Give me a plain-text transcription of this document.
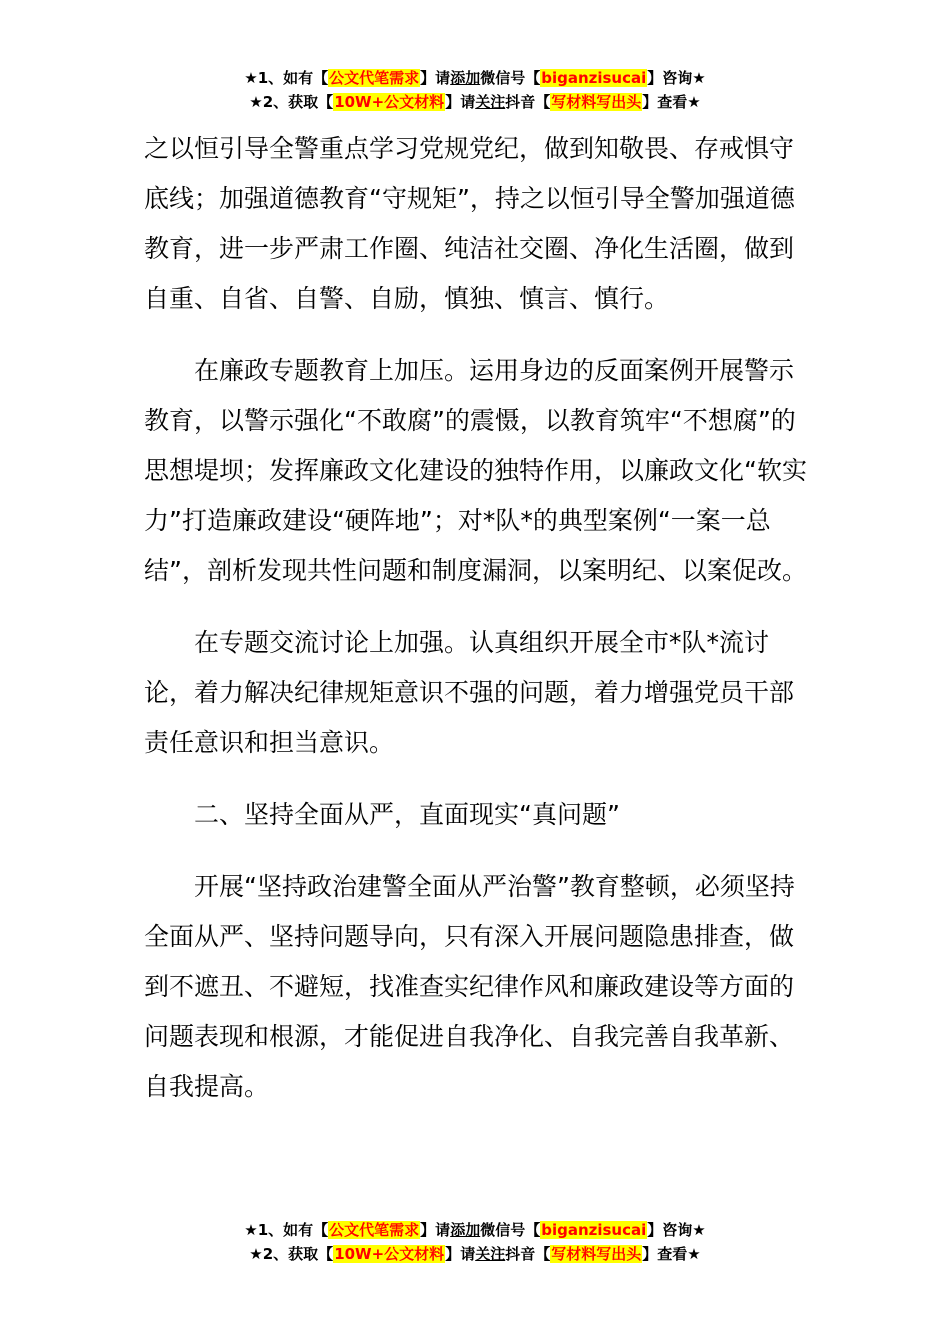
★1、如有【公文代笔需求】请添加微信号【biganzisucai】咨询★
★2、获取【10W+公文材料】请关注抖音【写材料写出头】查看★

之以恒引导全警重点学习党规党纪，做到知敬畏、存戒惧守底线；加强道德教育“守规矩”，持之以恒引导全警加强道德教育，进一步严肃工作圈、纯洁社交圈、净化生活圈，做到自重、自省、自警、自励，慎独、慎言、慎行。

在廉政专题教育上加压。运用身边的反面案例开展警示教育，以警示强化“不敢腐”的震慑，以教育筑牢“不想腐”的思想堤坝；发挥廉政文化建设的独特作用，以廉政文化“软实力”打造廉政建设“硬阵地”；对*队*的典型案例“一案一总结”，剖析发现共性问题和制度漏洞，以案明纪、以案促改。

在专题交流讨论上加强。认真组织开展全市*队*流讨论，着力解决纪律规矩意识不强的问题，着力增强党员干部责任意识和担当意识。

二、坚持全面从严，直面现实“真问题”

开展“坚持政治建警全面从严治警”教育整顿，必须坚持全面从严、坚持问题导向，只有深入开展问题隐患排查，做到不遮丑、不避短，找准查实纪律作风和廉政建设等方面的问题表现和根源，才能促进自我净化、自我完善自我革新、自我提高。

★1、如有【公文代笔需求】请添加微信号【biganzisucai】咨询★
★2、获取【10W+公文材料】请关注抖音【写材料写出头】查看★
